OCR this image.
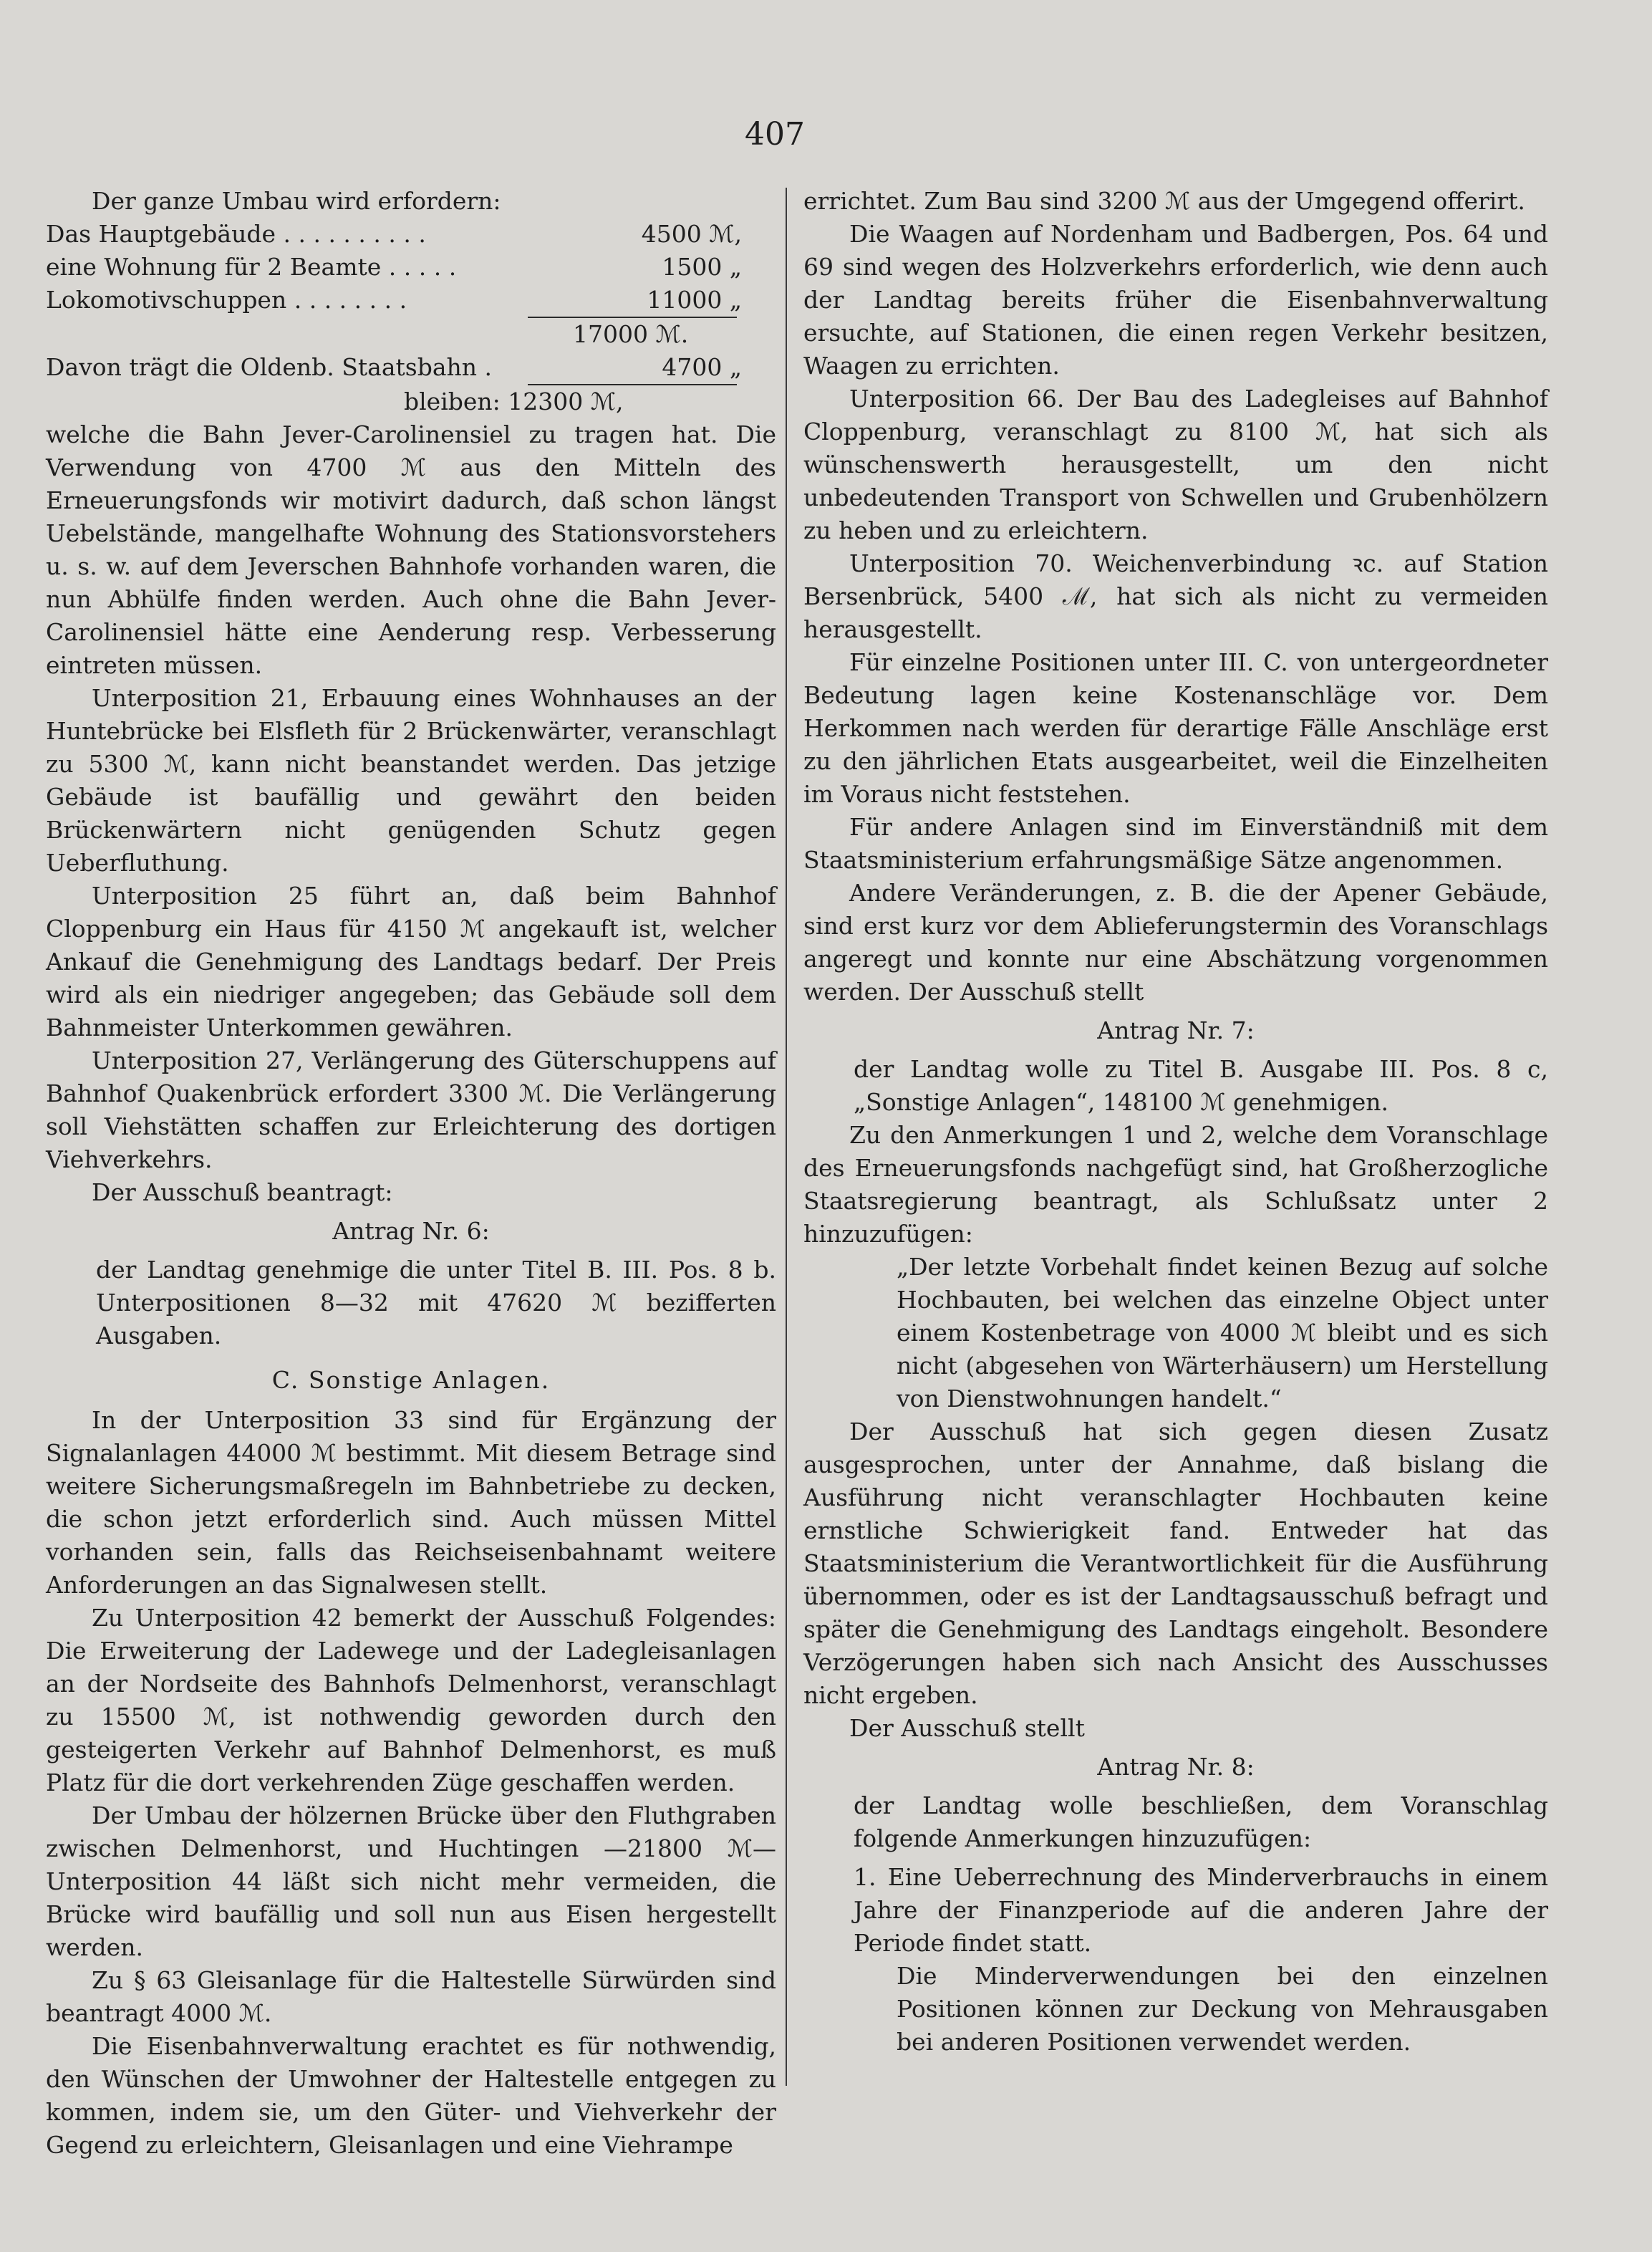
407

Der ganze Umbau wird erfordern:

Das Hauptgebäude . . . . . . . . . .	4500 ℳ,
eine Wohnung für 2 Beamte . . . . .	1500 „
Lokomotivschuppen . . . . . . . .	11000 „
17000 ℳ.
Davon trägt die Oldenb. Staatsbahn .	4700 „
bleiben: 12300 ℳ,

welche die Bahn Jever-Carolinensiel zu tragen hat. Die Verwendung von 4700 ℳ aus den Mitteln des Erneuerungsfonds wir motivirt dadurch, daß schon längst Uebelstände, mangelhafte Wohnung des Stationsvorstehers u. s. w. auf dem Jeverschen Bahnhofe vorhanden waren, die nun Abhülfe finden werden. Auch ohne die Bahn Jever-Carolinensiel hätte eine Aenderung resp. Verbesserung eintreten müssen.

Unterposition 21, Erbauung eines Wohnhauses an der Huntebrücke bei Elsfleth für 2 Brückenwärter, veranschlagt zu 5300 ℳ, kann nicht beanstandet werden. Das jetzige Gebäude ist baufällig und gewährt den beiden Brückenwärtern nicht genügenden Schutz gegen Ueberfluthung.

Unterposition 25 führt an, daß beim Bahnhof Cloppenburg ein Haus für 4150 ℳ angekauft ist, welcher Ankauf die Genehmigung des Landtags bedarf. Der Preis wird als ein niedriger angegeben; das Gebäude soll dem Bahnmeister Unterkommen gewähren.

Unterposition 27, Verlängerung des Güterschuppens auf Bahnhof Quakenbrück erfordert 3300 ℳ. Die Verlängerung soll Viehstätten schaffen zur Erleichterung des dortigen Viehverkehrs.

Der Ausschuß beantragt:

Antrag Nr. 6:

der Landtag genehmige die unter Titel B. III. Pos. 8 b. Unterpositionen 8—32 mit 47620 ℳ bezifferten Ausgaben.

C. Sonstige Anlagen.

In der Unterposition 33 sind für Ergänzung der Signalanlagen 44000 ℳ bestimmt. Mit diesem Betrage sind weitere Sicherungsmaßregeln im Bahnbetriebe zu decken, die schon jetzt erforderlich sind. Auch müssen Mittel vorhanden sein, falls das Reichseisenbahnamt weitere Anforderungen an das Signalwesen stellt.

Zu Unterposition 42 bemerkt der Ausschuß Folgendes: Die Erweiterung der Ladewege und der Ladegleisanlagen an der Nordseite des Bahnhofs Delmenhorst, veranschlagt zu 15500 ℳ, ist nothwendig geworden durch den gesteigerten Verkehr auf Bahnhof Delmenhorst, es muß Platz für die dort verkehrenden Züge geschaffen werden.

Der Umbau der hölzernen Brücke über den Fluthgraben zwischen Delmenhorst, und Huchtingen —21800 ℳ— Unterposition 44 läßt sich nicht mehr vermeiden, die Brücke wird baufällig und soll nun aus Eisen hergestellt werden.

Zu § 63 Gleisanlage für die Haltestelle Sürwürden sind beantragt 4000 ℳ.

Die Eisenbahnverwaltung erachtet es für nothwendig, den Wünschen der Umwohner der Haltestelle entgegen zu kommen, indem sie, um den Güter- und Viehverkehr der Gegend zu erleichtern, Gleisanlagen und eine Viehrampe

errichtet. Zum Bau sind 3200 ℳ aus der Umgegend offerirt.

Die Waagen auf Nordenham und Badbergen, Pos. 64 und 69 sind wegen des Holzverkehrs erforderlich, wie denn auch der Landtag bereits früher die Eisenbahnverwaltung ersuchte, auf Stationen, die einen regen Verkehr besitzen, Waagen zu errichten.

Unterposition 66. Der Bau des Ladegleises auf Bahnhof Cloppenburg, veranschlagt zu 8100 ℳ, hat sich als wünschenswerth herausgestellt, um den nicht unbedeutenden Transport von Schwellen und Grubenhölzern zu heben und zu erleichtern.

Unterposition 70. Weichenverbindung ꝛc. auf Station Bersenbrück, 5400 ℳ, hat sich als nicht zu vermeiden herausgestellt.

Für einzelne Positionen unter III. C. von untergeordneter Bedeutung lagen keine Kostenanschläge vor. Dem Herkommen nach werden für derartige Fälle Anschläge erst zu den jährlichen Etats ausgearbeitet, weil die Einzelheiten im Voraus nicht feststehen.

Für andere Anlagen sind im Einverständniß mit dem Staatsministerium erfahrungsmäßige Sätze angenommen.

Andere Veränderungen, z. B. die der Apener Gebäude, sind erst kurz vor dem Ablieferungstermin des Voranschlags angeregt und konnte nur eine Abschätzung vorgenommen werden. Der Ausschuß stellt

Antrag Nr. 7:

der Landtag wolle zu Titel B. Ausgabe III. Pos. 8 c, „Sonstige Anlagen“, 148100 ℳ genehmigen.

Zu den Anmerkungen 1 und 2, welche dem Voranschlage des Erneuerungsfonds nachgefügt sind, hat Großherzogliche Staatsregierung beantragt, als Schlußsatz unter 2 hinzuzufügen:

„Der letzte Vorbehalt findet keinen Bezug auf solche Hochbauten, bei welchen das einzelne Object unter einem Kostenbetrage von 4000 ℳ bleibt und es sich nicht (abgesehen von Wärterhäusern) um Herstellung von Dienstwohnungen handelt.“

Der Ausschuß hat sich gegen diesen Zusatz ausgesprochen, unter der Annahme, daß bislang die Ausführung nicht veranschlagter Hochbauten keine ernstliche Schwierigkeit fand. Entweder hat das Staatsministerium die Verantwortlichkeit für die Ausführung übernommen, oder es ist der Landtagsausschuß befragt und später die Genehmigung des Landtags eingeholt. Besondere Verzögerungen haben sich nach Ansicht des Ausschusses nicht ergeben.

Der Ausschuß stellt

Antrag Nr. 8:

der Landtag wolle beschließen, dem Voranschlag folgende Anmerkungen hinzuzufügen:

1. Eine Ueberrechnung des Minderverbrauchs in einem Jahre der Finanzperiode auf die anderen Jahre der Periode findet statt.

Die Minderverwendungen bei den einzelnen Positionen können zur Deckung von Mehrausgaben bei anderen Positionen verwendet werden.
